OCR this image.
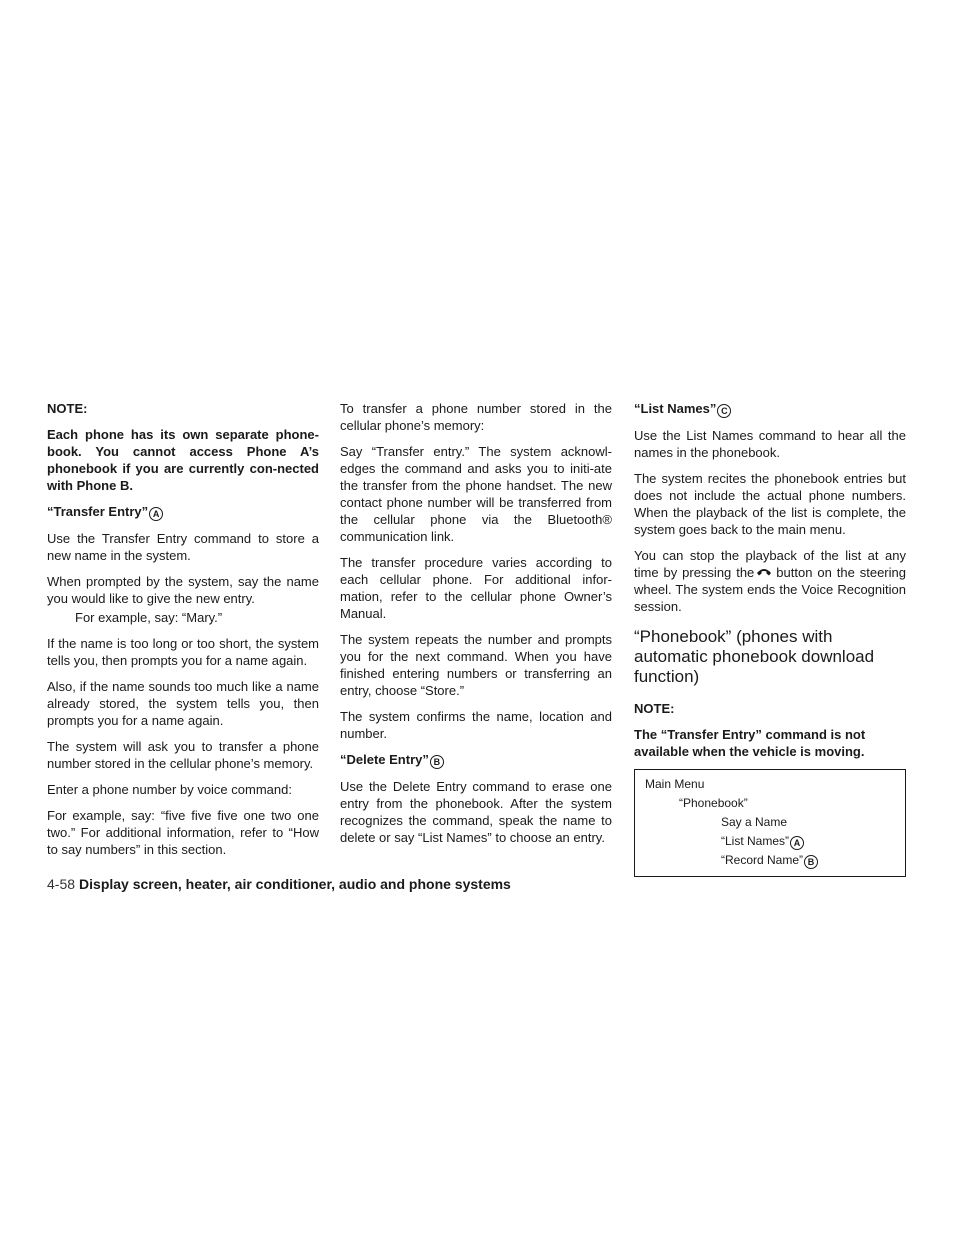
NOTE:

Each phone has its own separate phone-book. You cannot access Phone A’s phonebook if you are currently con-nected with Phone B.

“Transfer Entry” A

Use the Transfer Entry command to store a new name in the system.

When prompted by the system, say the name you would like to give the new entry.

For example, say: “Mary.”

If the name is too long or too short, the system tells you, then prompts you for a name again.

Also, if the name sounds too much like a name already stored, the system tells you, then prompts you for a name again.

The system will ask you to transfer a phone number stored in the cellular phone’s memory.

Enter a phone number by voice command:

For example, say: “five five five one two one two.” For additional information, refer to “How to say numbers” in this section.

To transfer a phone number stored in the cellular phone’s memory:

Say “Transfer entry.” The system acknowl-edges the command and asks you to initi-ate the transfer from the phone handset. The new contact phone number will be transferred from the cellular phone via the Bluetooth® communication link.

The transfer procedure varies according to each cellular phone. For additional infor-mation, refer to the cellular phone Owner’s Manual.

The system repeats the number and prompts you for the next command. When you have finished entering numbers or transferring an entry, choose “Store.”

The system confirms the name, location and number.

“Delete Entry” B

Use the Delete Entry command to erase one entry from the phonebook. After the system recognizes the command, speak the name to delete or say “List Names” to choose an entry.

“List Names” C

Use the List Names command to hear all the names in the phonebook.

The system recites the phonebook entries but does not include the actual phone numbers. When the playback of the list is complete, the system goes back to the main menu.

You can stop the playback of the list at any time by pressing the button on the steering wheel. The system ends the Voice Recognition session.

“Phonebook” (phones with automatic phonebook download function)

NOTE:

The “Transfer Entry” command is not available when the vehicle is moving.

Main Menu
“Phonebook”
Say a Name
“List Names” A
“Record Name” B
4-58 Display screen, heater, air conditioner, audio and phone systems
